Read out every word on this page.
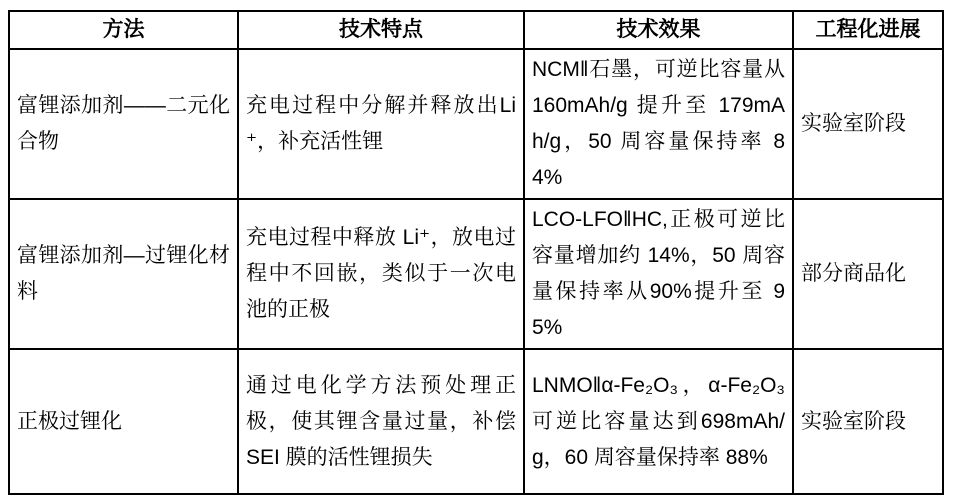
方法	技术特点	技术效果	工程化进展
富锂添加剂——二元化合物	充电过程中分解并释放出Li⁺，补充活性锂	NCM‖石墨，可逆比容量从 160mAh/g 提升至 179mAh/g，50 周容量保持率 84%	实验室阶段
富锂添加剂—过锂化材料	充电过程中释放 Li⁺，放电过程中不回嵌，类似于一次电池的正极	LCO-LFO‖HC,正极可逆比容量增加约 14%，50 周容量保持率从90%提升至 95%	部分商品化
正极过锂化	通过电化学方法预处理正极，使其锂含量过量，补偿 SEI 膜的活性锂损失	LNMO‖α-Fe₂O₃，α-Fe₂O₃ 可逆比容量达到698mAh/g，60 周容量保持率 88%	实验室阶段
